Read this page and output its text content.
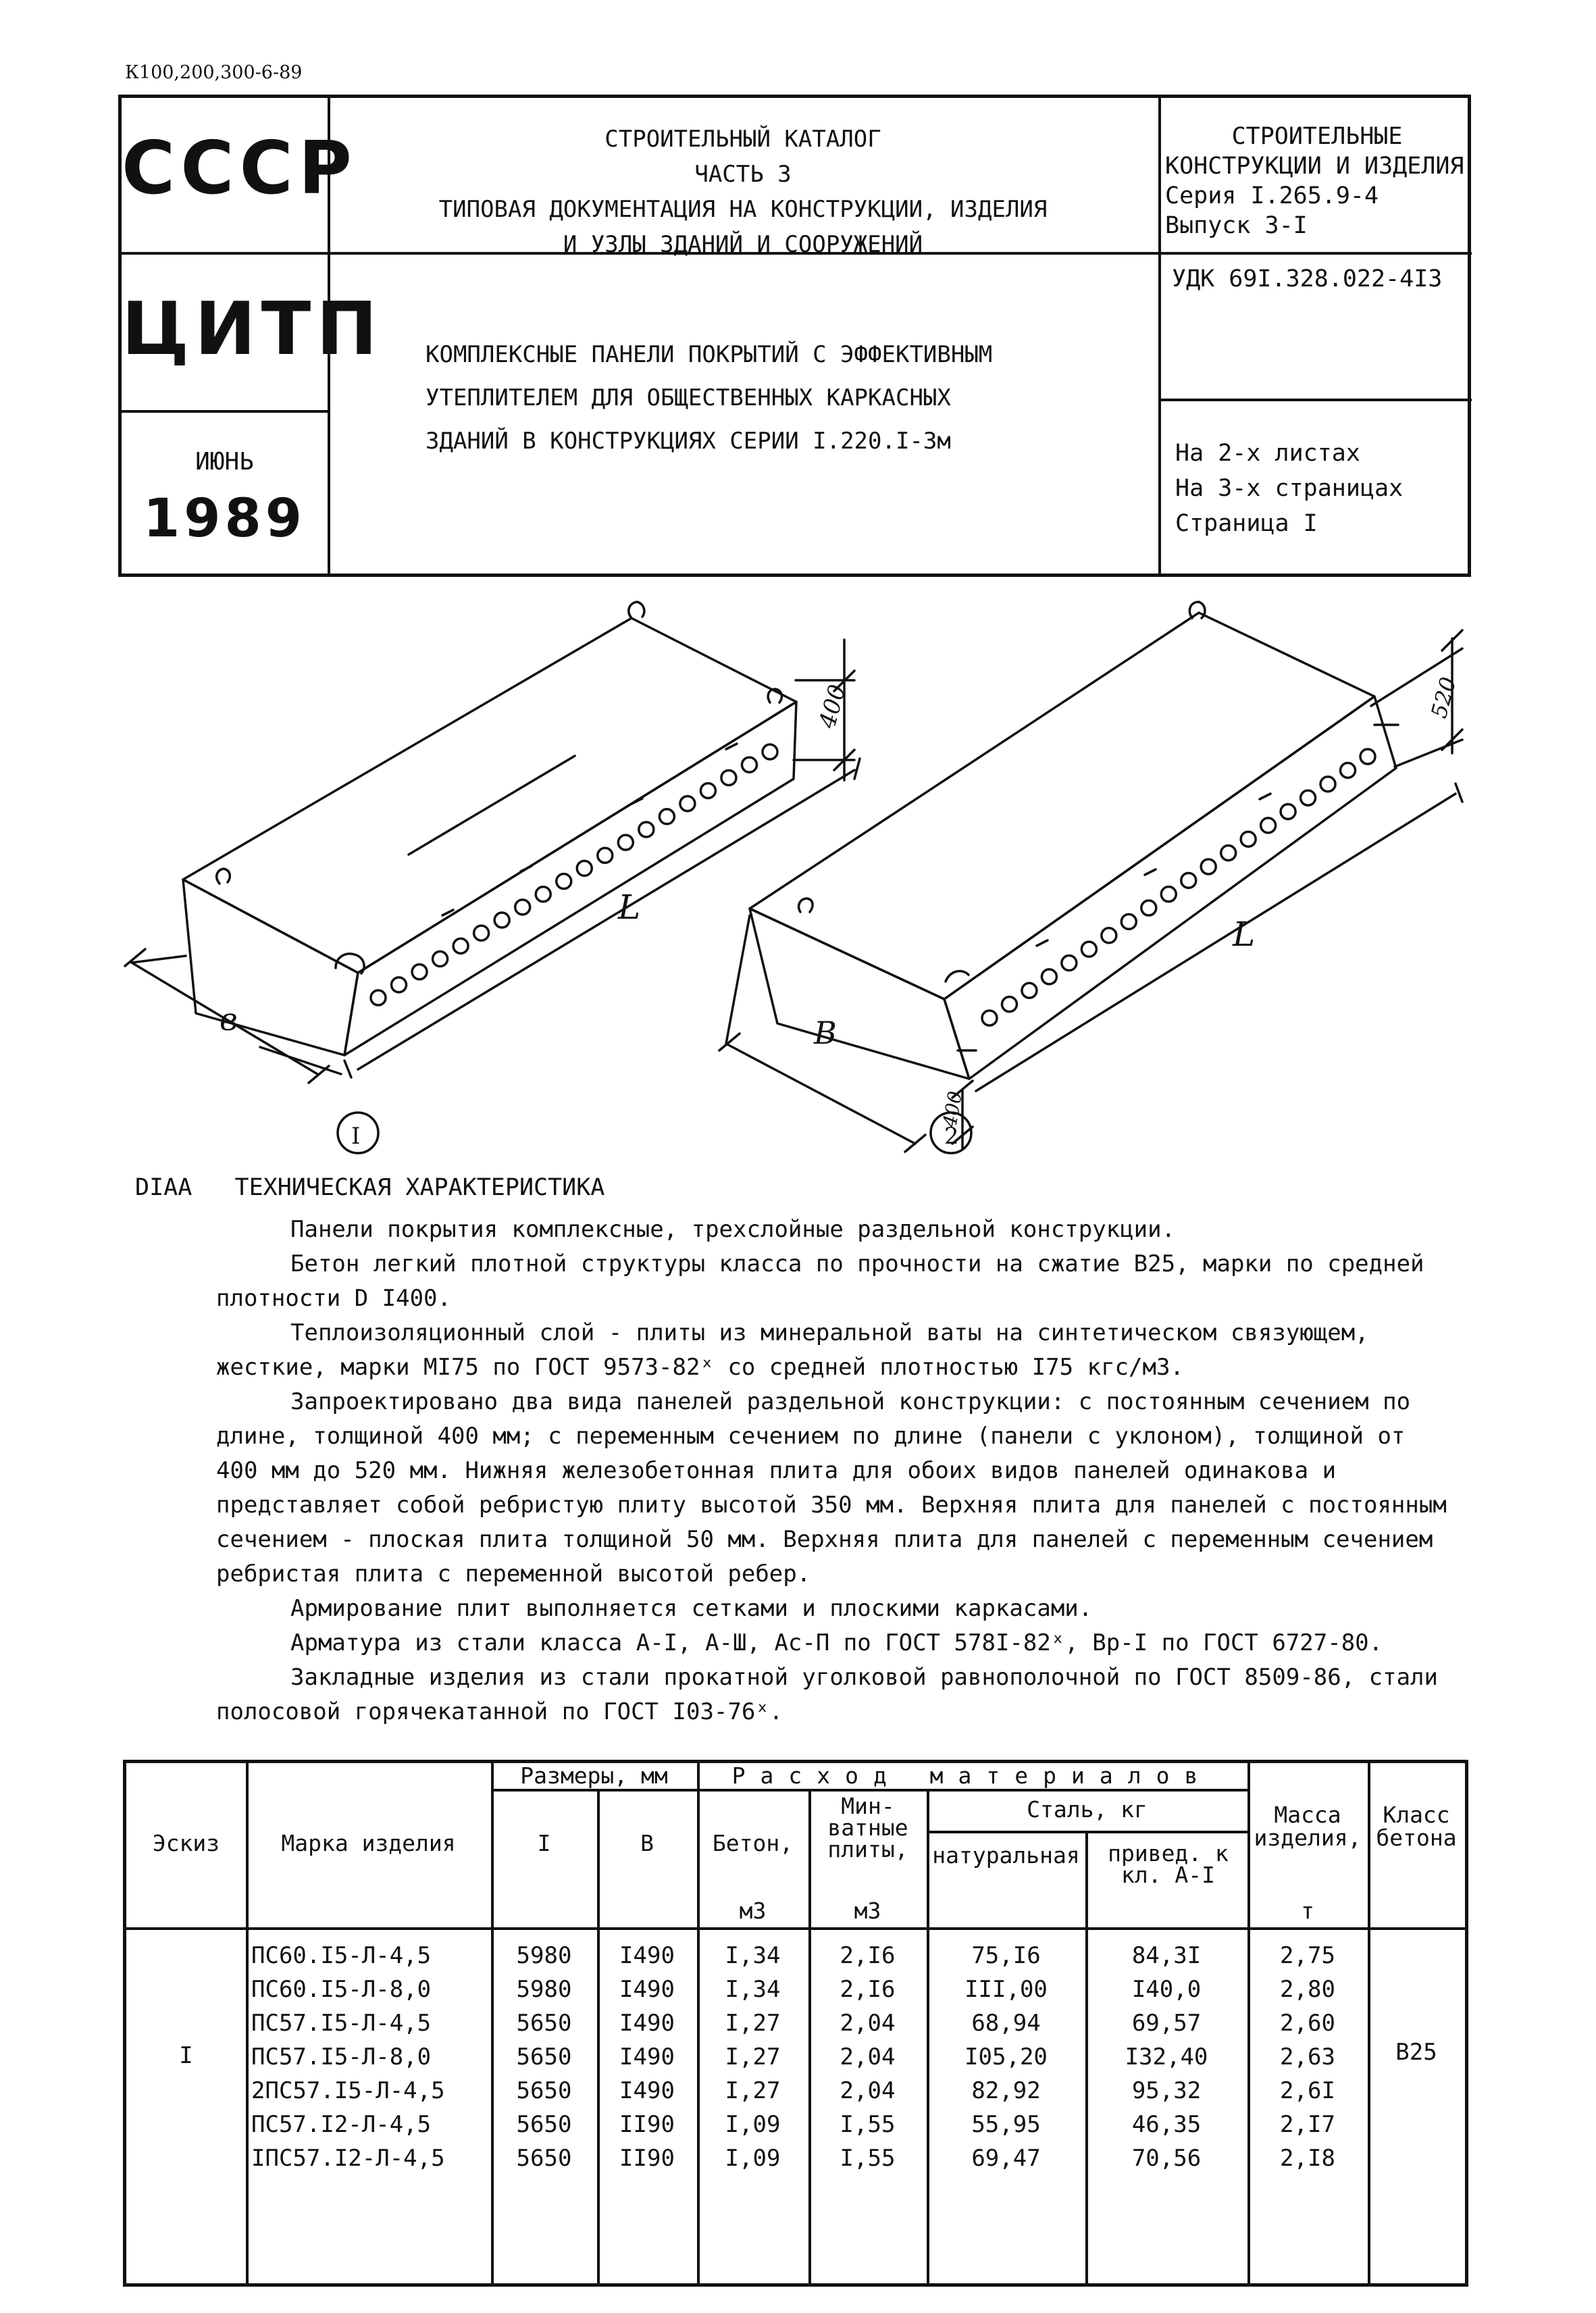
К100,200,300-6-89
СССР
ЦИТП
ИЮНЬ
1989
СТРОИТЕЛЬНЫЙ КАТАЛОГ
ЧАСТЬ 3
ТИПОВАЯ ДОКУМЕНТАЦИЯ НА КОНСТРУКЦИИ, ИЗДЕЛИЯ
И УЗЛЫ ЗДАНИЙ И СООРУЖЕНИЙ
КОМПЛЕКСНЫЕ ПАНЕЛИ ПОКРЫТИЙ С ЭФФЕКТИВНЫМ
УТЕПЛИТЕЛЕМ ДЛЯ ОБЩЕСТВЕННЫХ КАРКАСНЫХ
ЗДАНИЙ В КОНСТРУКЦИЯХ СЕРИИ I.220.I-3м
СТРОИТЕЛЬНЫЕ
КОНСТРУКЦИИ И ИЗДЕЛИЯ
Серия I.265.9-4
Выпуск 3-I
УДК 69I.328.022-4I3
На 2-х листах
На 3-х страницах
Страница I
400
L
в
I
520
L
В
400
2
DIAA ТЕХНИЧЕСКАЯ ХАРАКТЕРИСТИКА

Панели покрытия комплексные, трехслойные раздельной конструкции.

Бетон легкий плотной структуры класса по прочности на сжатие В25, марки по средней плотности D I400.

Теплоизоляционный слой - плиты из минеральной ваты на синтетическом связующем, жесткие, марки МI75 по ГОСТ 9573-82ˣ со средней плотностью I75 кгс/м3.

Запроектировано два вида панелей раздельной конструкции: с постоянным сечением по длине, толщиной 400 мм; с переменным сечением по длине (панели с уклоном), толщиной от 400 мм до 520 мм. Нижняя железобетонная плита для обоих видов панелей одинакова и представляет собой ребристую плиту высотой 350 мм. Верхняя плита для панелей с постоянным сечением - плоская плита толщиной 50 мм. Верхняя плита для панелей с переменным сечением ребристая плита с переменной высотой ребер.

Армирование плит выполняется сетками и плоскими каркасами.

Арматура из стали класса А-I, А-Ш, Ас-П по ГОСТ 578I-82ˣ, Вр-I по ГОСТ 6727-80.

Закладные изделия из стали прокатной уголковой равнополочной по ГОСТ 8509-86, стали полосовой горячекатанной по ГОСТ I03-76ˣ.

Эскиз	Марка изделия
Размеры, мм
I	В
Расход материалов
Бетон,
м3
Мин- ватные плиты,
м3
Сталь, кг
натуральная	привед. к кл. А-I
Масса изделия,
т
Класс бетона
I	В25
ПС60.I5-Л-4,5	5980	I490	I,34	2,I6	75,I6	84,3I	2,75
ПС60.I5-Л-8,0	5980	I490	I,34	2,I6	III,00	I40,0	2,80
ПС57.I5-Л-4,5	5650	I490	I,27	2,04	68,94	69,57	2,60
ПС57.I5-Л-8,0	5650	I490	I,27	2,04	I05,20	I32,40	2,63
2ПС57.I5-Л-4,5	5650	I490	I,27	2,04	82,92	95,32	2,6I
ПС57.I2-Л-4,5	5650	II90	I,09	I,55	55,95	46,35	2,I7
IПС57.I2-Л-4,5	5650	II90	I,09	I,55	69,47	70,56	2,I8
